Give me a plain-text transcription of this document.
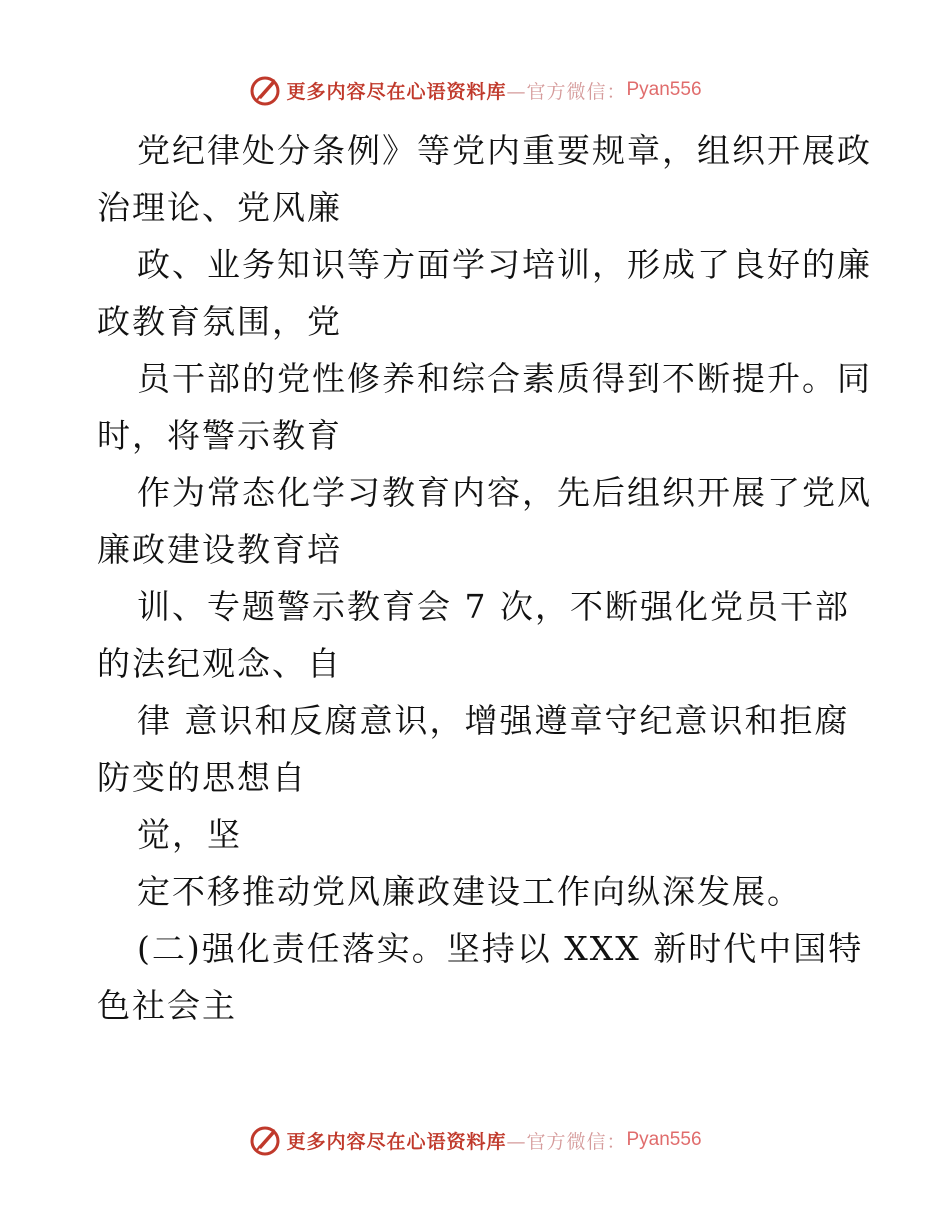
更多内容尽在心语资料库 —官方微信： Pyan556
党纪律处分条例》等党内重要规章，组织开展政
治理论、党风廉
政、业务知识等方面学习培训，形成了良好的廉
政教育氛围，党
员干部的党性修养和综合素质得到不断提升。同
时，将警示教育
作为常态化学习教育内容，先后组织开展了党风
廉政建设教育培
训、专题警示教育会 7 次，不断强化党员干部
的法纪观念、自
律 意识和反腐意识，增强遵章守纪意识和拒腐
防变的思想自
觉，坚
定不移推动党风廉政建设工作向纵深发展。
(二)强化责任落实。坚持以 XXX 新时代中国特
色社会主
更多内容尽在心语资料库 —官方微信： Pyan556
